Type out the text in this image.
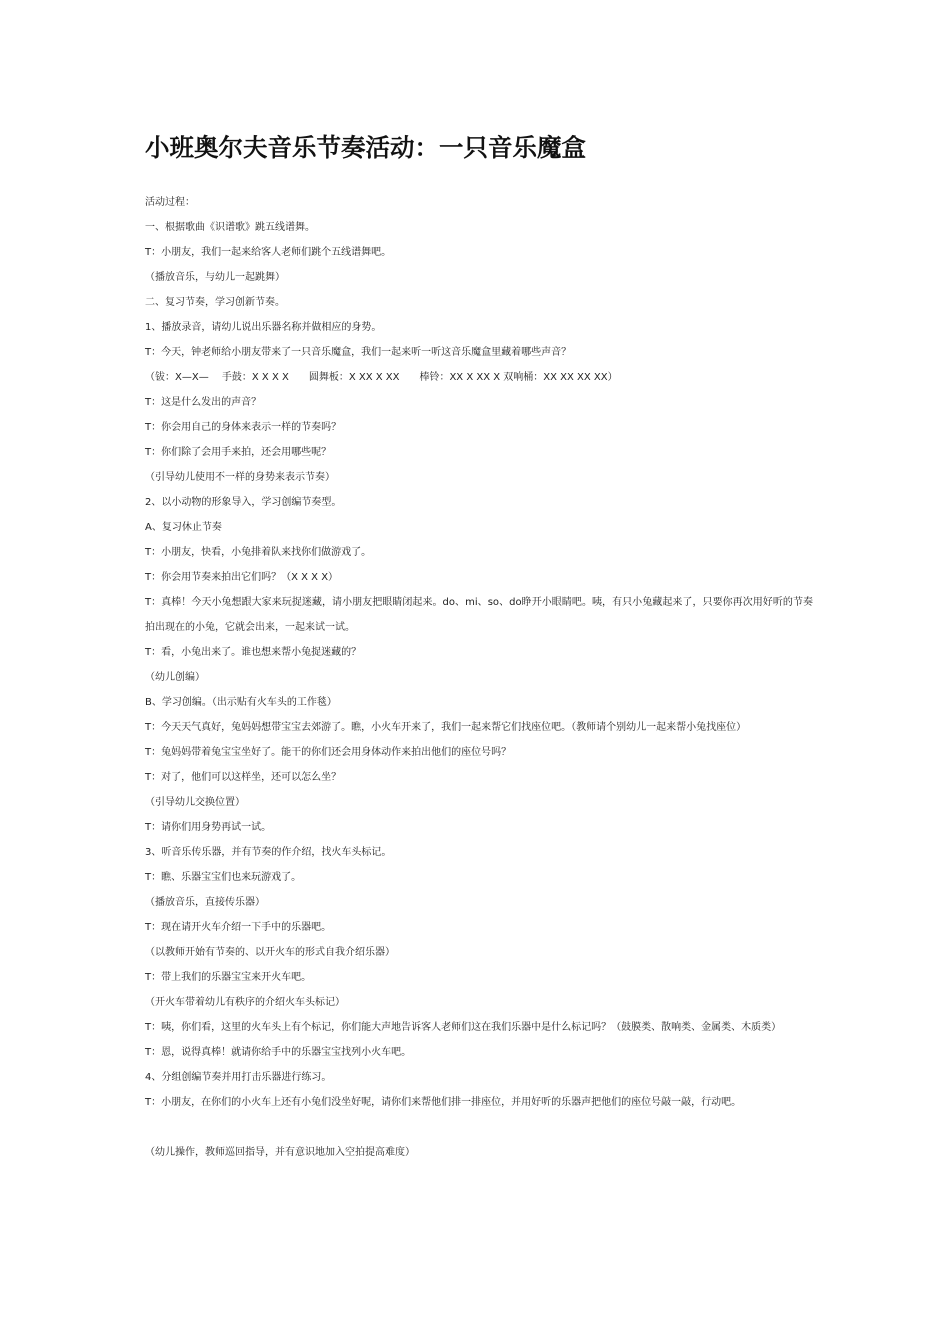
小班奥尔夫音乐节奏活动：一只音乐魔盒

活动过程：

一、根据歌曲《识谱歌》跳五线谱舞。

T：小朋友，我们一起来给客人老师们跳个五线谱舞吧。

（播放音乐，与幼儿一起跳舞）

二、复习节奏，学习创新节奏。

1、播放录音，请幼儿说出乐器名称并做相应的身势。

T：今天，钟老师给小朋友带来了一只音乐魔盒，我们一起来听一听这音乐魔盒里藏着哪些声音？

（钹：X—X—　 手鼓：X X X X　　圆舞板：X XX X XX　　棒铃：XX X XX X 双响桶：XX XX XX XX）

T：这是什么发出的声音？

T：你会用自己的身体来表示一样的节奏吗？

T：你们除了会用手来拍，还会用哪些呢？

（引导幼儿使用不一样的身势来表示节奏）

2、以小动物的形象导入，学习创编节奏型。

A、复习休止节奏

T：小朋友，快看，小兔排着队来找你们做游戏了。

T：你会用节奏来拍出它们吗？（X X X X）

T：真棒！今天小兔想跟大家来玩捉迷藏，请小朋友把眼睛闭起来。do、mi、so、do睁开小眼睛吧。咦，有只小兔藏起来了，只要你再次用好听的节奏拍出现在的小兔，它就会出来，一起来试一试。

T：看，小兔出来了。谁也想来帮小兔捉迷藏的？

（幼儿创编）

B、学习创编。（出示贴有火车头的工作毯）

T：今天天气真好，兔妈妈想带宝宝去郊游了。瞧，小火车开来了，我们一起来帮它们找座位吧。（教师请个别幼儿一起来帮小兔找座位）

T：兔妈妈带着兔宝宝坐好了。能干的你们还会用身体动作来拍出他们的座位号吗？

T：对了，他们可以这样坐，还可以怎么坐？

（引导幼儿交换位置）

T：请你们用身势再试一试。

3、听音乐传乐器，并有节奏的作介绍，找火车头标记。

T：瞧、乐器宝宝们也来玩游戏了。

（播放音乐，直接传乐器）

T：现在请开火车介绍一下手中的乐器吧。

（以教师开始有节奏的、以开火车的形式自我介绍乐器）

T：带上我们的乐器宝宝来开火车吧。

（开火车带着幼儿有秩序的介绍火车头标记）

T：咦，你们看，这里的火车头上有个标记，你们能大声地告诉客人老师们这在我们乐器中是什么标记吗？（鼓膜类、散响类、金属类、木质类）

T：恩，说得真棒！就请你给手中的乐器宝宝找列小火车吧。

4、分组创编节奏并用打击乐器进行练习。

T：小朋友，在你们的小火车上还有小兔们没坐好呢，请你们来帮他们排一排座位，并用好听的乐器声把他们的座位号敲一敲，行动吧。

（幼儿操作，教师巡回指导，并有意识地加入空拍提高难度）
